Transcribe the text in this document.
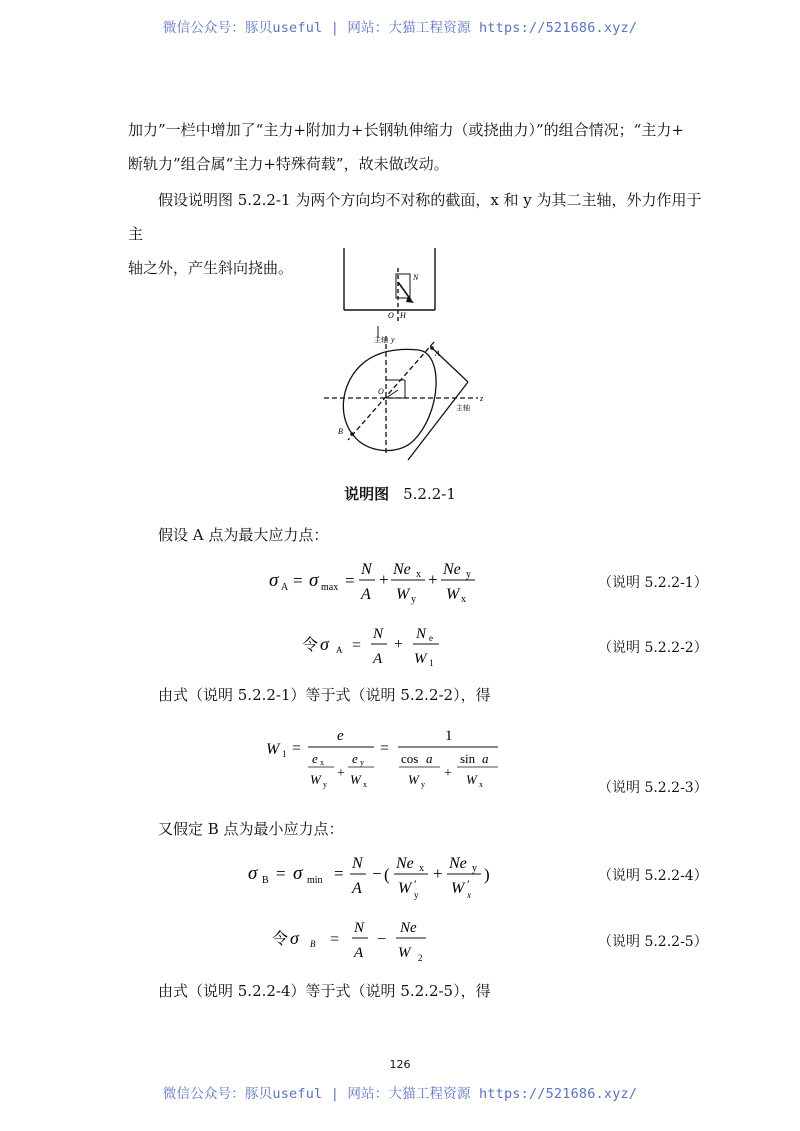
微信公众号：豚贝useful | 网站：大猫工程资源 https://521686.xyz/
加力”一栏中增加了“主力+附加力+长钢轨伸缩力（或挠曲力）”的组合情况；“主力+
断轨力”组合属“主力+特殊荷载”，故未做改动。
假设说明图 5.2.2-1 为两个方向均不对称的截面，x 和 y 为其二主轴，外力作用于主
轴之外，产生斜向挠曲。
N
O H
主轴 y
A
B
O
z
主轴
说明图 5.2.2-1
假设 A 点为最大应力点：
σ A = σ max =
N
A
+
Ne x
W y
+
Ne y
W x
（说明 5.2.2-1）
令 σ A =
N
A
+
N e
W 1
（说明 5.2.2-2）
由式（说明 5.2.2-1）等于式（说明 5.2.2-2），得
W 1 =
e
e x
W y
+
e y
W x
=
1
cos a
W y
+
sin a
W x	（说明 5.2.2-3）
又假定 B 点为最小应力点：
σ B = σ min =
N
A
− (
Ne x
W ′
y
+
Ne y
W ′
x
)	（说明 5.2.2-4）
令 σ B =
N
A
−
Ne
W 2
（说明 5.2.2-5）
由式（说明 5.2.2-4）等于式（说明 5.2.2-5），得
126
微信公众号：豚贝useful | 网站：大猫工程资源 https://521686.xyz/
